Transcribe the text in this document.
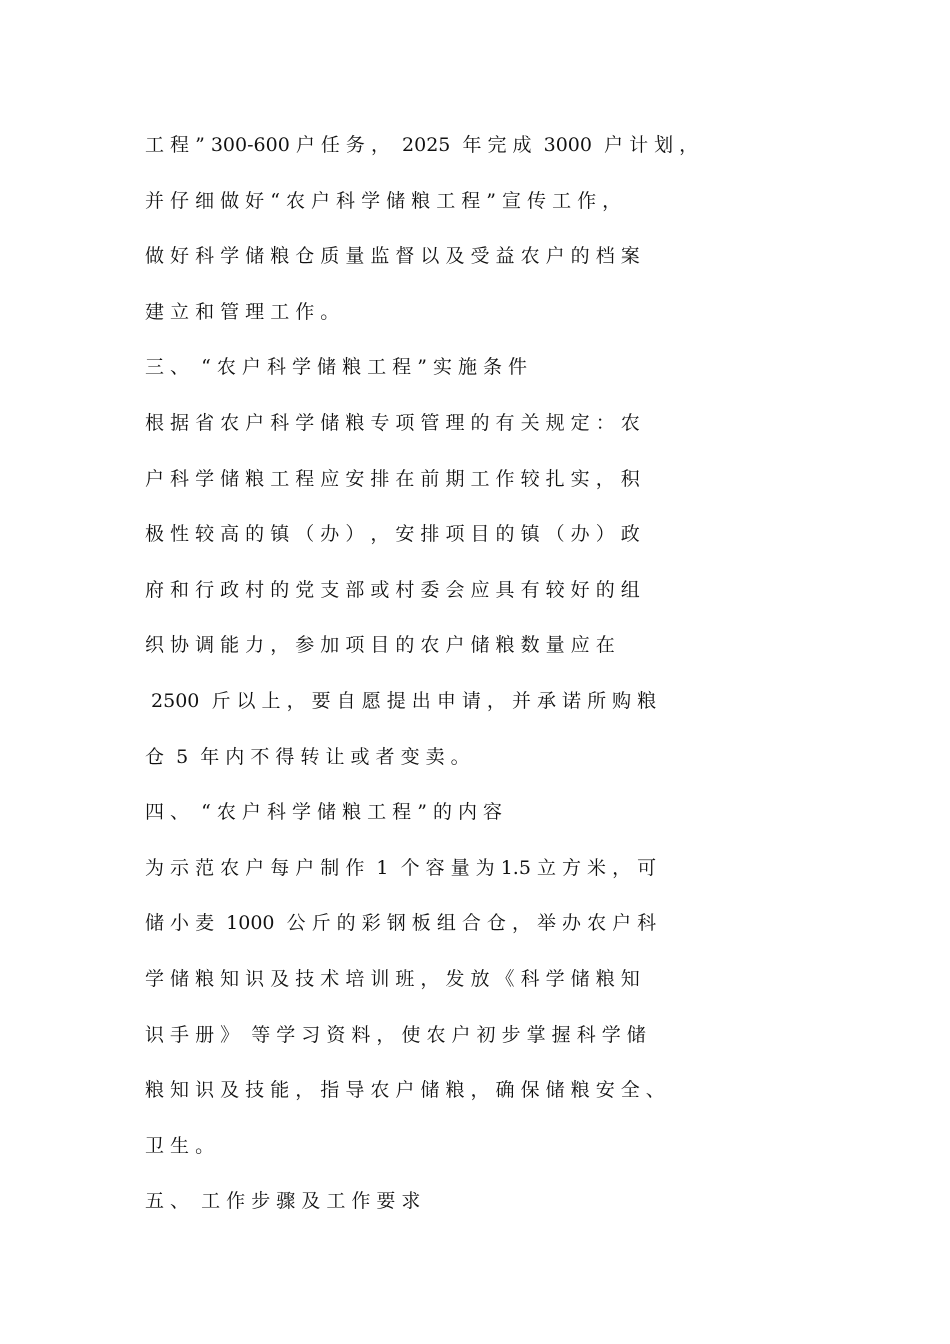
工 程 ” 300-600 户 任 务 ，  2025  年 完 成  3000  户 计 划 ，
并 仔 细 做 好 “ 农 户 科 学 储 粮 工 程 ” 宣 传 工 作 ，
做 好 科 学 储 粮 仓 质 量 监 督 以 及 受 益 农 户 的 档 案
建 立 和 管 理 工 作 。
三 、  “ 农 户 科 学 储 粮 工 程 ” 实 施 条 件
根 据 省 农 户 科 学 储 粮 专 项 管 理 的 有 关 规 定 ： 农
户 科 学 储 粮 工 程 应 安 排 在 前 期 工 作 较 扎 实 ， 积
极 性 较 高 的 镇 （ 办 ） ， 安 排 项 目 的 镇 （ 办 ） 政
府 和 行 政 村 的 党 支 部 或 村 委 会 应 具 有 较 好 的 组
织 协 调 能 力 ， 参 加 项 目 的 农 户 储 粮 数 量 应 在
2500  斤 以 上 ， 要 自 愿 提 出 申 请 ， 并 承 诺 所 购 粮
仓  5  年 内 不 得 转 让 或 者 变 卖 。
四 、  “ 农 户 科 学 储 粮 工 程 ” 的 内 容
为 示 范 农 户 每 户 制 作  1  个 容 量 为 1.5 立 方 米 ， 可
储 小 麦  1000  公 斤 的 彩 钢 板 组 合 仓 ， 举 办 农 户 科
学 储 粮 知 识 及 技 术 培 训 班 ， 发 放 《 科 学 储 粮 知
识 手 册 》  等 学 习 资 料 ， 使 农 户 初 步 掌 握 科 学 储
粮 知 识 及 技 能 ， 指 导 农 户 储 粮 ， 确 保 储 粮 安 全 、
卫 生 。
五 、  工 作 步 骤 及 工 作 要 求
